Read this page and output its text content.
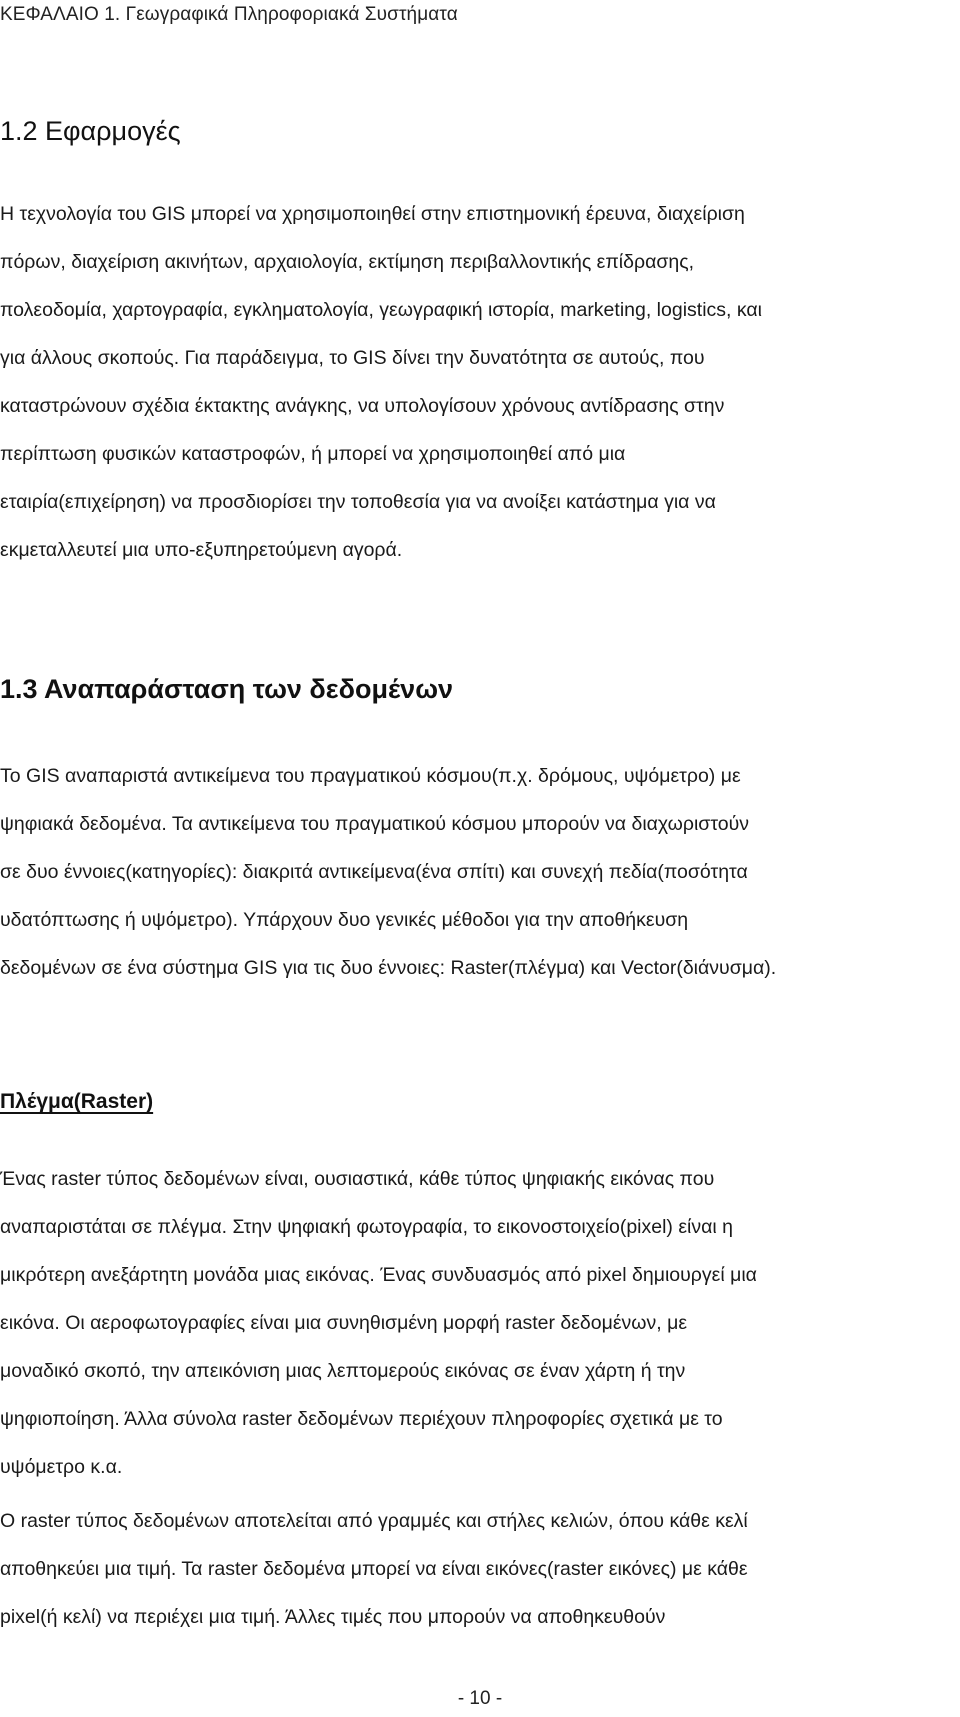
ΚΕΦΑΛΑΙΟ 1. Γεωγραφικά Πληροφοριακά Συστήματα
1.2 Εφαρμογές
Η τεχνολογία του GIS μπορεί να χρησιμοποιηθεί στην επιστημονική έρευνα, διαχείριση
πόρων, διαχείριση ακινήτων, αρχαιολογία, εκτίμηση περιβαλλοντικής επίδρασης,
πολεοδομία, χαρτογραφία, εγκληματολογία, γεωγραφική ιστορία, marketing, logistics, και
για άλλους σκοπούς. Για παράδειγμα, το GIS δίνει την δυνατότητα σε αυτούς, που
καταστρώνουν σχέδια έκτακτης ανάγκης, να υπολογίσουν χρόνους αντίδρασης στην
περίπτωση φυσικών καταστροφών, ή μπορεί να χρησιμοποιηθεί από μια
εταιρία(επιχείρηση) να προσδιορίσει την τοποθεσία για να ανοίξει κατάστημα για να
εκμεταλλευτεί μια υπο-εξυπηρετούμενη αγορά.
1.3 Αναπαράσταση των δεδομένων
Το GIS αναπαριστά αντικείμενα του πραγματικού κόσμου(π.χ. δρόμους, υψόμετρο) με
ψηφιακά δεδομένα. Τα αντικείμενα του πραγματικού κόσμου μπορούν να διαχωριστούν
σε δυο έννοιες(κατηγορίες): διακριτά αντικείμενα(ένα σπίτι) και συνεχή πεδία(ποσότητα
υδατόπτωσης ή υψόμετρο). Υπάρχουν δυο γενικές μέθοδοι για την αποθήκευση
δεδομένων σε ένα σύστημα GIS για τις δυο έννοιες: Raster(πλέγμα) και Vector(διάνυσμα).
Πλέγμα(Raster)
Ένας raster τύπος δεδομένων είναι, ουσιαστικά, κάθε τύπος ψηφιακής εικόνας που
αναπαριστάται σε πλέγμα. Στην ψηφιακή φωτογραφία, το εικονοστοιχείο(pixel) είναι η
μικρότερη ανεξάρτητη μονάδα μιας εικόνας. Ένας συνδυασμός από pixel δημιουργεί μια
εικόνα. Οι αεροφωτογραφίες είναι μια συνηθισμένη μορφή raster δεδομένων, με
μοναδικό σκοπό, την απεικόνιση μιας λεπτομερούς εικόνας σε έναν χάρτη ή την
ψηφιοποίηση. Άλλα σύνολα raster δεδομένων περιέχουν πληροφορίες σχετικά με το
υψόμετρο κ.α.
Ο raster τύπος δεδομένων αποτελείται από γραμμές και στήλες κελιών, όπου κάθε κελί
αποθηκεύει μια τιμή. Τα raster δεδομένα μπορεί να είναι εικόνες(raster εικόνες) με κάθε
pixel(ή κελί) να περιέχει μια τιμή. Άλλες τιμές που μπορούν να αποθηκευθούν
- 10 -
